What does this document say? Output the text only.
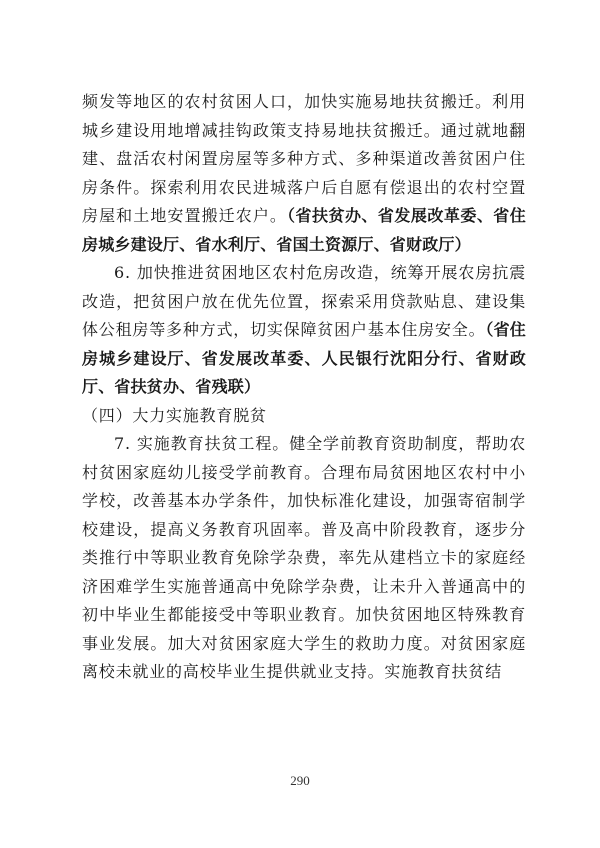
频发等地区的农村贫困人口，加快实施易地扶贫搬迁。利用城乡建设用地增减挂钩政策支持易地扶贫搬迁。通过就地翻建、盘活农村闲置房屋等多种方式、多种渠道改善贫困户住房条件。探索利用农民进城落户后自愿有偿退出的农村空置房屋和土地安置搬迁农户。（省扶贫办、省发展改革委、省住房城乡建设厅、省水利厅、省国土资源厅、省财政厅）

6. 加快推进贫困地区农村危房改造，统筹开展农房抗震改造，把贫困户放在优先位置，探索采用贷款贴息、建设集体公租房等多种方式，切实保障贫困户基本住房安全。（省住房城乡建设厅、省发展改革委、人民银行沈阳分行、省财政厅、省扶贫办、省残联）

（四）大力实施教育脱贫

7. 实施教育扶贫工程。健全学前教育资助制度，帮助农村贫困家庭幼儿接受学前教育。合理布局贫困地区农村中小学校，改善基本办学条件，加快标准化建设，加强寄宿制学校建设，提高义务教育巩固率。普及高中阶段教育，逐步分类推行中等职业教育免除学杂费，率先从建档立卡的家庭经济困难学生实施普通高中免除学杂费，让未升入普通高中的初中毕业生都能接受中等职业教育。加快贫困地区特殊教育事业发展。加大对贫困家庭大学生的救助力度。对贫困家庭离校未就业的高校毕业生提供就业支持。实施教育扶贫结

290
